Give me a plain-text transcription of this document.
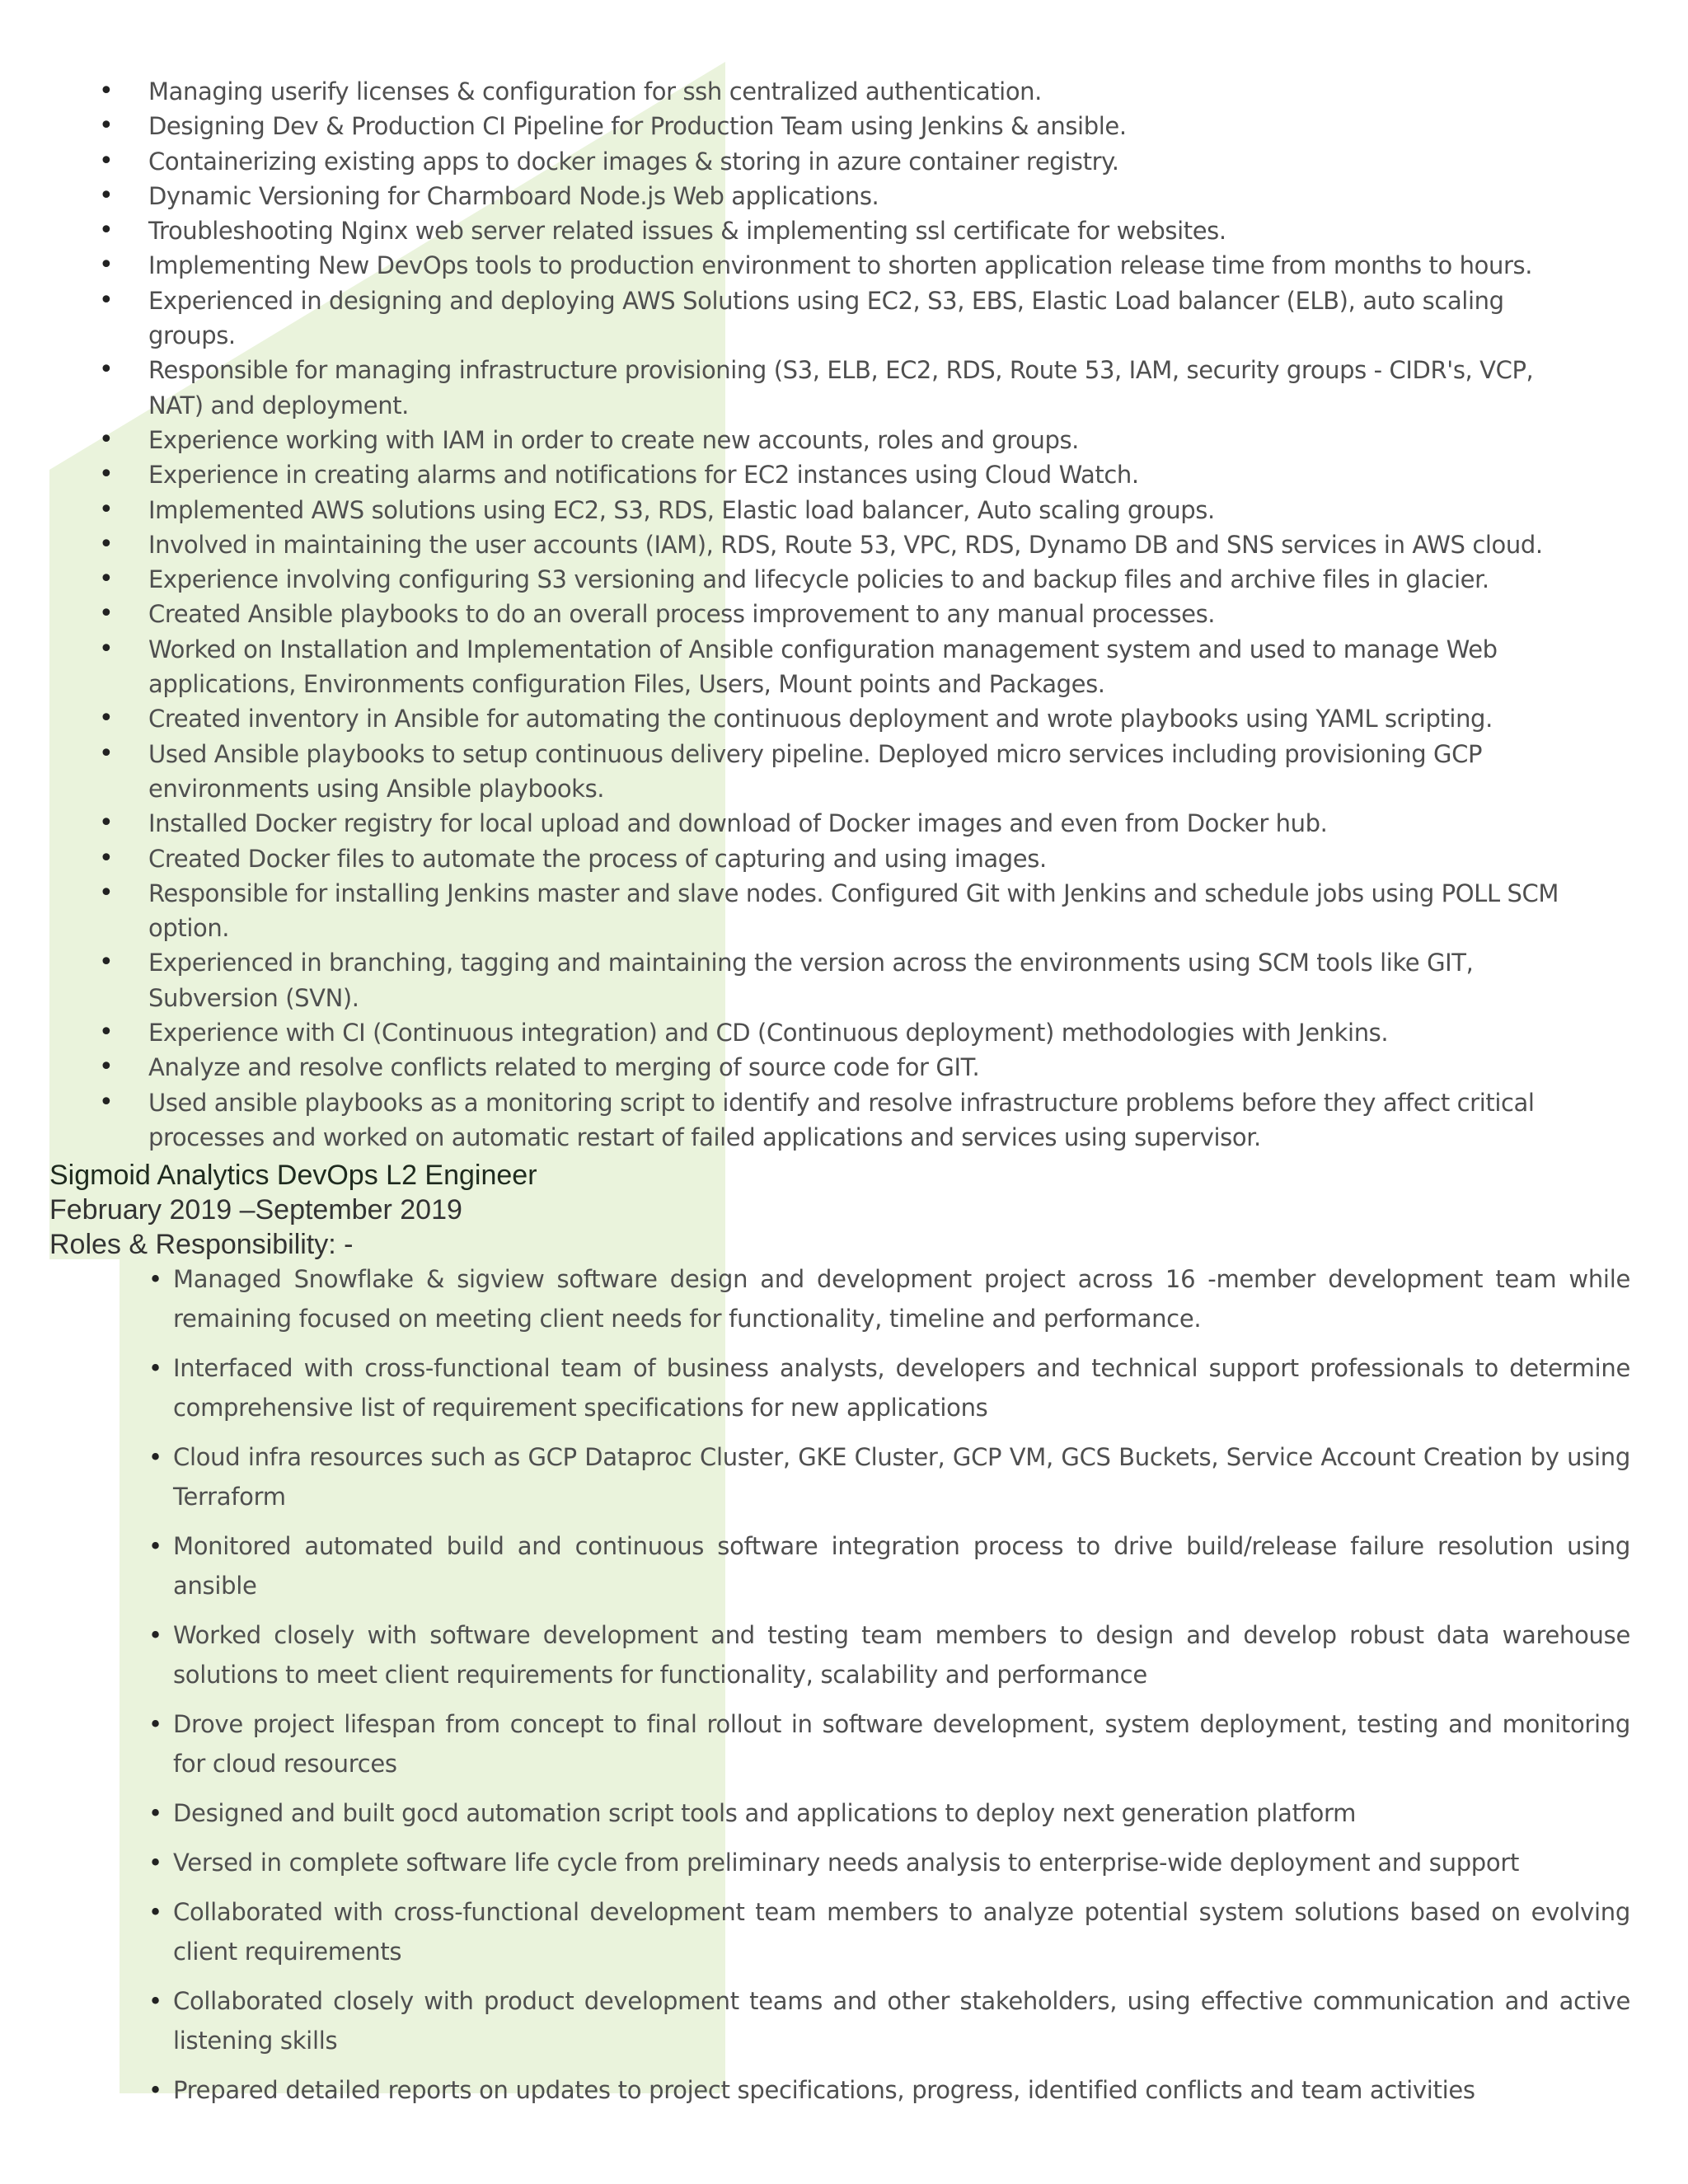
• Managing userify licenses & configuration for ssh centralized authentication.
• Designing Dev & Production CI Pipeline for Production Team using Jenkins & ansible.
• Containerizing existing apps to docker images & storing in azure container registry.
• Dynamic Versioning for Charmboard Node.js Web applications.
• Troubleshooting Nginx web server related issues & implementing ssl certificate for websites.
• Implementing New DevOps tools to production environment to shorten application release time from months to hours.
• Experienced in designing and deploying AWS Solutions using EC2, S3, EBS, Elastic Load balancer (ELB), auto scaling groups.
• Responsible for managing infrastructure provisioning (S3, ELB, EC2, RDS, Route 53, IAM, security groups - CIDR's, VCP, NAT) and deployment.
• Experience working with IAM in order to create new accounts, roles and groups.
• Experience in creating alarms and notifications for EC2 instances using Cloud Watch.
• Implemented AWS solutions using EC2, S3, RDS, Elastic load balancer, Auto scaling groups.
• Involved in maintaining the user accounts (IAM), RDS, Route 53, VPC, RDS, Dynamo DB and SNS services in AWS cloud.
• Experience involving configuring S3 versioning and lifecycle policies to and backup files and archive files in glacier.
• Created Ansible playbooks to do an overall process improvement to any manual processes.
• Worked on Installation and Implementation of Ansible configuration management system and used to manage Web applications, Environments configuration Files, Users, Mount points and Packages.
• Created inventory in Ansible for automating the continuous deployment and wrote playbooks using YAML scripting.
• Used Ansible playbooks to setup continuous delivery pipeline. Deployed micro services including provisioning GCP environments using Ansible playbooks.
• Installed Docker registry for local upload and download of Docker images and even from Docker hub.
• Created Docker files to automate the process of capturing and using images.
• Responsible for installing Jenkins master and slave nodes. Configured Git with Jenkins and schedule jobs using POLL SCM option.
• Experienced in branching, tagging and maintaining the version across the environments using SCM tools like GIT, Subversion (SVN).
• Experience with CI (Continuous integration) and CD (Continuous deployment) methodologies with Jenkins.
• Analyze and resolve conflicts related to merging of source code for GIT.
• Used ansible playbooks as a monitoring script to identify and resolve infrastructure problems before they affect critical processes and worked on automatic restart of failed applications and services using supervisor.
Sigmoid Analytics DevOps L2 Engineer
February 2019 –September 2019
Roles & Responsibility: -
• Managed Snowflake & sigview software design and development project across 16 -member development team while remaining focused on meeting client needs for functionality, timeline and performance.
• Interfaced with cross-functional team of business analysts, developers and technical support professionals to determine comprehensive list of requirement specifications for new applications
• Cloud infra resources such as GCP Dataproc Cluster, GKE Cluster, GCP VM, GCS Buckets, Service Account Creation by using Terraform
• Monitored automated build and continuous software integration process to drive build/release failure resolution using ansible
• Worked closely with software development and testing team members to design and develop robust data warehouse solutions to meet client requirements for functionality, scalability and performance
• Drove project lifespan from concept to final rollout in software development, system deployment, testing and monitoring for cloud resources
• Designed and built gocd automation script tools and applications to deploy next generation platform
• Versed in complete software life cycle from preliminary needs analysis to enterprise-wide deployment and support
• Collaborated with cross-functional development team members to analyze potential system solutions based on evolving client requirements
• Collaborated closely with product development teams and other stakeholders, using effective communication and active listening skills
• Prepared detailed reports on updates to project specifications, progress, identified conflicts and team activities
